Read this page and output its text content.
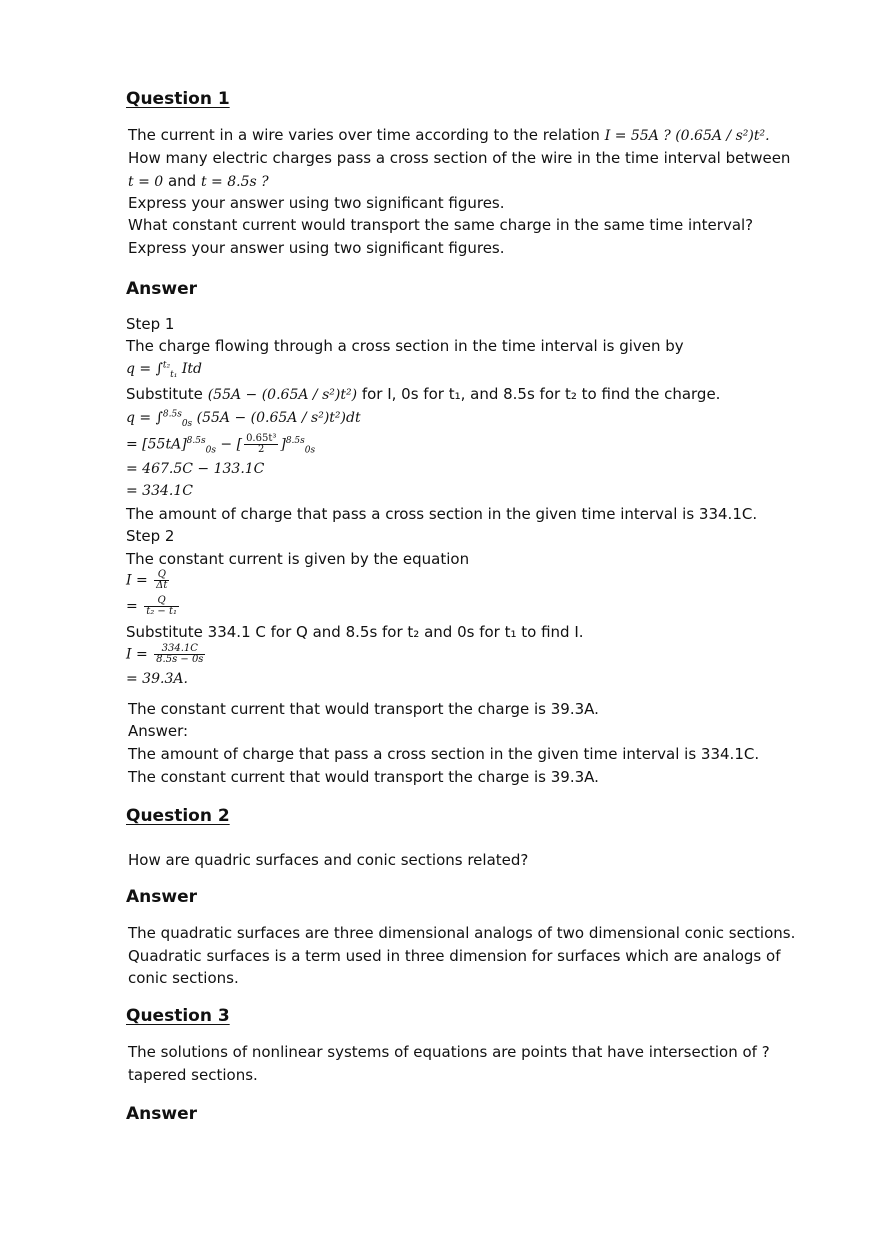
Question 1
The current in a wire varies over time according to the relation I = 55A ? (0.65A / s²)t².
How many electric charges pass a cross section of the wire in the time interval between
t = 0 and t = 8.5s ?
Express your answer using two significant figures.
What constant current would transport the same charge in the same time interval?
Express your answer using two significant figures.
Answer
Step 1
The charge flowing through a cross section in the time interval is given by
q = ∫$^{t_2}_{t_1}$ Itd
Substitute (55A − (0.65A / s²)t²) for I, 0s for t₁, and 8.5s for t₂ to find the charge.
q = ∫$^{8.5s}_{0s}$ (55A − (0.65A / s²)t²)dt
= $[55tA]^{8.5s}_{0s}$ − [ $\frac{\text{0.65t³}}{2} ]^{8.5s}_{0s}$
= 467.5C − 133.1C
= 334.1C
The amount of charge that pass a cross section in the given time interval is 334.1C.
Step 2
The constant current is given by the equation
$I = \frac{Q}{\Delta t}$
= $\frac{Q}{\text{t₂ − t₁}}$
Substitute 334.1 C for Q and 8.5s for t₂ and 0s for t₁ to find I.
$I = \frac{334.1C}{8.5s - 0s}$
= 39.3A.
The constant current that would transport the charge is 39.3A.
Answer:
The amount of charge that pass a cross section in the given time interval is 334.1C.
The constant current that would transport the charge is 39.3A.
Question 2
How are quadric surfaces and conic sections related?
Answer
The quadratic surfaces are three dimensional analogs of two dimensional conic sections.
Quadratic surfaces is a term used in three dimension for surfaces which are analogs of
conic sections.
Question 3
The solutions of nonlinear systems of equations are points that have intersection of ?
tapered sections.
Answer
